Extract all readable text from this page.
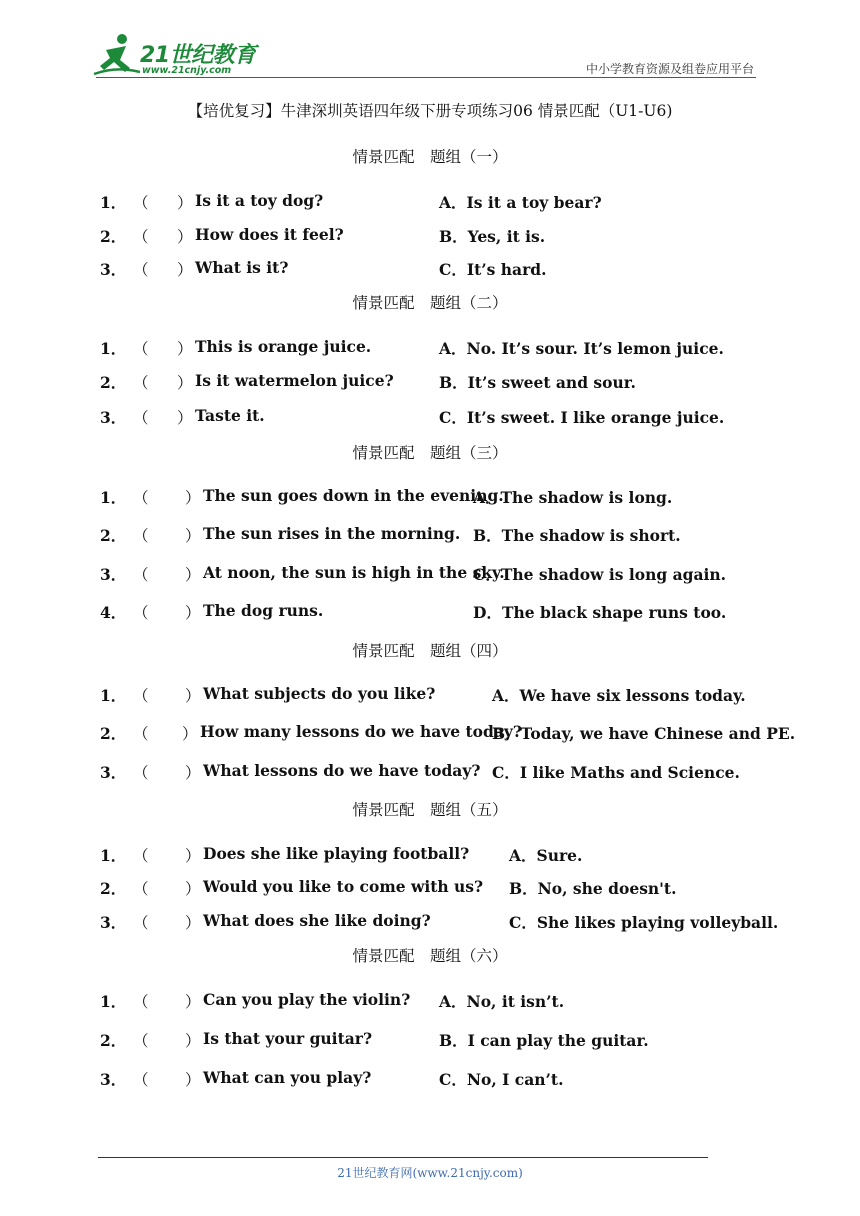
21世纪教育
www.21cnjy.com	中小学教育资源及组卷应用平台
【培优复习】牛津深圳英语四年级下册专项练习06 情景匹配（U1-U6)
情景匹配　题组（一）
1． （ ） Is it a toy dog?	A．Is it a toy bear?
2． （ ） How does it feel?	B．Yes, it is.
3． （ ） What is it?	C．It’s hard.
情景匹配　题组（二）
1． （ ） This is orange juice.	A．No. It’s sour. It’s lemon juice.
2． （ ） Is it watermelon juice?	B．It’s sweet and sour.
3． （ ） Taste it.	C．It’s sweet. I like orange juice.
情景匹配　题组（三）
1． （ ） The sun goes down in the evening.
A．The shadow is long.
2． （ ） The sun rises in the morning. B．The shadow is short.
3． （ ） At noon, the sun is high in the sky.
C．The shadow is long again.
4． （ ） The dog runs.	D．The black shape runs too.
情景匹配　题组（四）
1． （ ） What subjects do you like?	A．We have six lessons today.
2． （ ） How many lessons do we have today?
B．Today, we have Chinese and PE.
3． （ ） What lessons do we have today? C．I like Maths and Science.
情景匹配　题组（五）
1． （ ） Does she like playing football?	A．Sure.
2． （ ） Would you like to come with us? B．No, she doesn't.
3． （ ） What does she like doing?	C．She likes playing volleyball.
情景匹配　题组（六）
1． （ ） Can you play the violin? A．No, it isn’t.
2． （ ） Is that your guitar?	B．I can play the guitar.
3． （ ） What can you play?	C．No, I can’t.
21世纪教育网(www.21cnjy.com)
